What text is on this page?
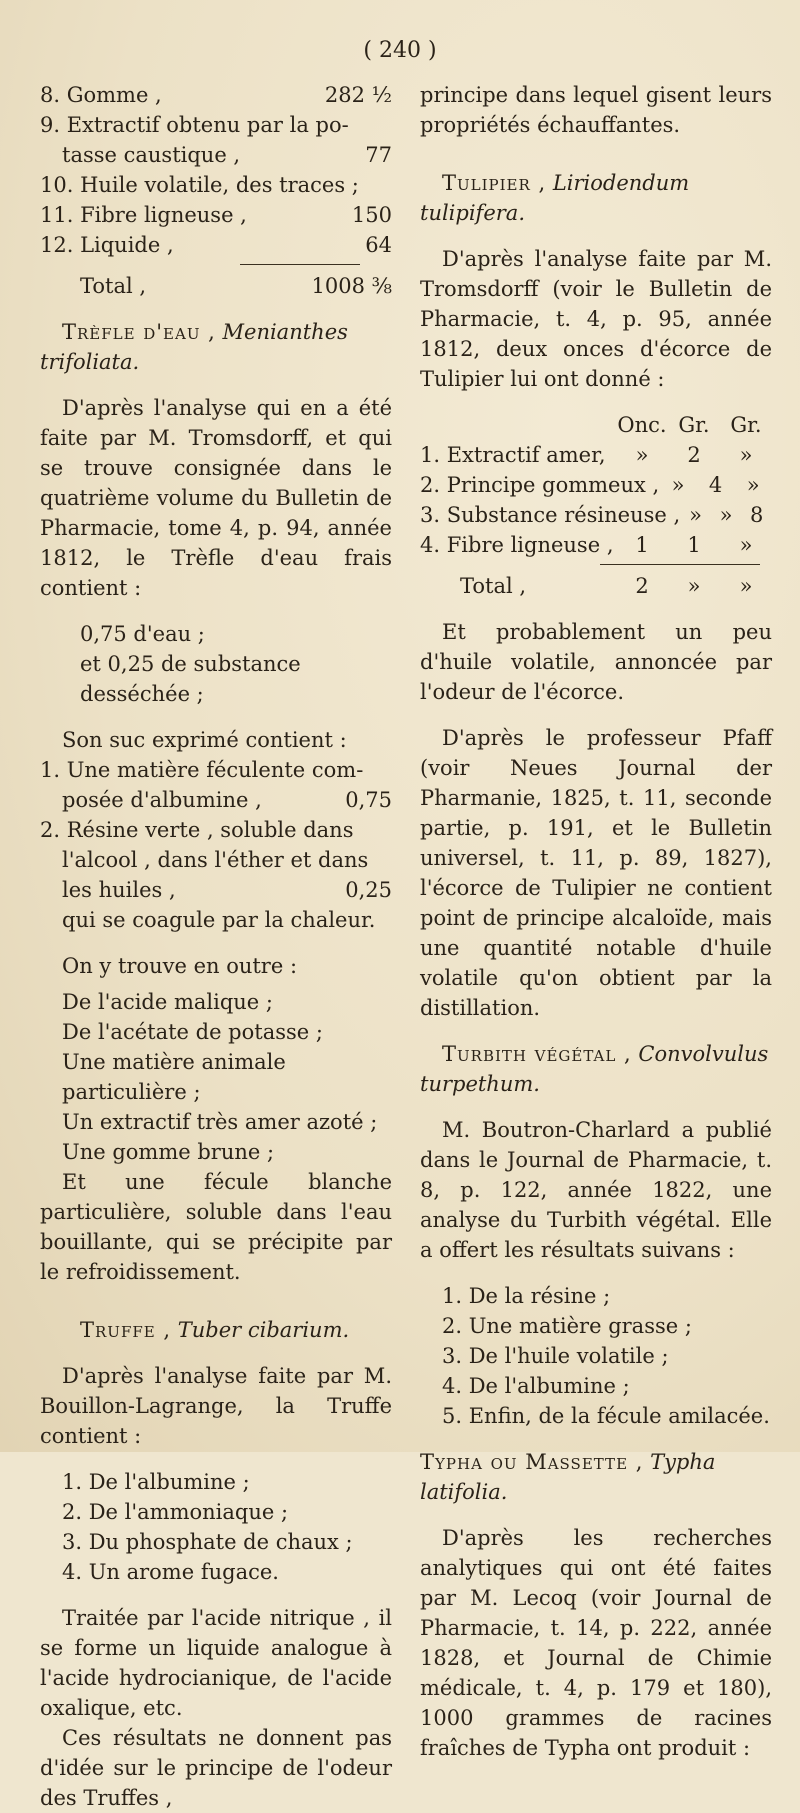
( 240 )
8. Gomme ,	282 ½
9. Extractif obtenu par la po-
tasse caustique ,	77
10. Huile volatile, des traces ;
11. Fibre ligneuse ,	150
12. Liquide ,	64
Total ,	1008 ⅜

Trèfle d'eau , Menianthes trifoliata.

D'après l'analyse qui en a été faite par M. Tromsdorff, et qui se trouve consignée dans le quatrième volume du Bulletin de Pharmacie, tome 4, p. 94, année 1812, le Trèfle d'eau frais contient :

0,75 d'eau ;
et 0,25 de substance desséchée ;

Son suc exprimé contient :

1. Une matière féculente com-
posée d'albumine ,	0,75
2. Résine verte , soluble dans
l'alcool , dans l'éther et dans
les huiles ,	0,25
qui se coagule par la chaleur.

On y trouve en outre :

De l'acide malique ;
De l'acétate de potasse ;
Une matière animale particulière ;
Un extractif très amer azoté ;
Une gomme brune ;

Et une fécule blanche particulière, soluble dans l'eau bouillante, qui se précipite par le refroidissement.

Truffe , Tuber cibarium.

D'après l'analyse faite par M. Bouillon-Lagrange, la Truffe contient :

1. De l'albumine ;
2. De l'ammoniaque ;
3. Du phosphate de chaux ;
4. Un arome fugace.

Traitée par l'acide nitrique , il se forme un liquide analogue à l'acide hydrocianique, de l'acide oxalique, etc.

Ces résultats ne donnent pas d'idée sur le principe de l'odeur des Truffes ,

principe dans lequel gisent leurs propriétés échauffantes.

Tulipier , Liriodendum tulipifera.

D'après l'analyse faite par M. Tromsdorff (voir le Bulletin de Pharmacie, t. 4, p. 95, année 1812, deux onces d'écorce de Tulipier lui ont donné :

Onc. Gr. Gr.
1. Extractif amer,	»	2	»
2. Principe gommeux , »	4	»
3. Substance résineuse , » » 8
4. Fibre ligneuse ,	1	1	»
Total ,	2	»	»

Et probablement un peu d'huile volatile, annoncée par l'odeur de l'écorce.

D'après le professeur Pfaff (voir Neues Journal der Pharmanie, 1825, t. 11, seconde partie, p. 191, et le Bulletin universel, t. 11, p. 89, 1827), l'écorce de Tulipier ne contient point de principe alcaloïde, mais une quantité notable d'huile volatile qu'on obtient par la distillation.

Turbith végétal , Convolvulus turpethum.

M. Boutron-Charlard a publié dans le Journal de Pharmacie, t. 8, p. 122, année 1822, une analyse du Turbith végétal. Elle a offert les résultats suivans :

1. De la résine ;
2. Une matière grasse ;
3. De l'huile volatile ;
4. De l'albumine ;
5. Enfin, de la fécule amilacée.

Typha ou Massette , Typha latifolia.

D'après les recherches analytiques qui ont été faites par M. Lecoq (voir Journal de Pharmacie, t. 14, p. 222, année 1828, et Journal de Chimie médicale, t. 4, p. 179 et 180), 1000 grammes de racines fraîches de Typha ont produit :
